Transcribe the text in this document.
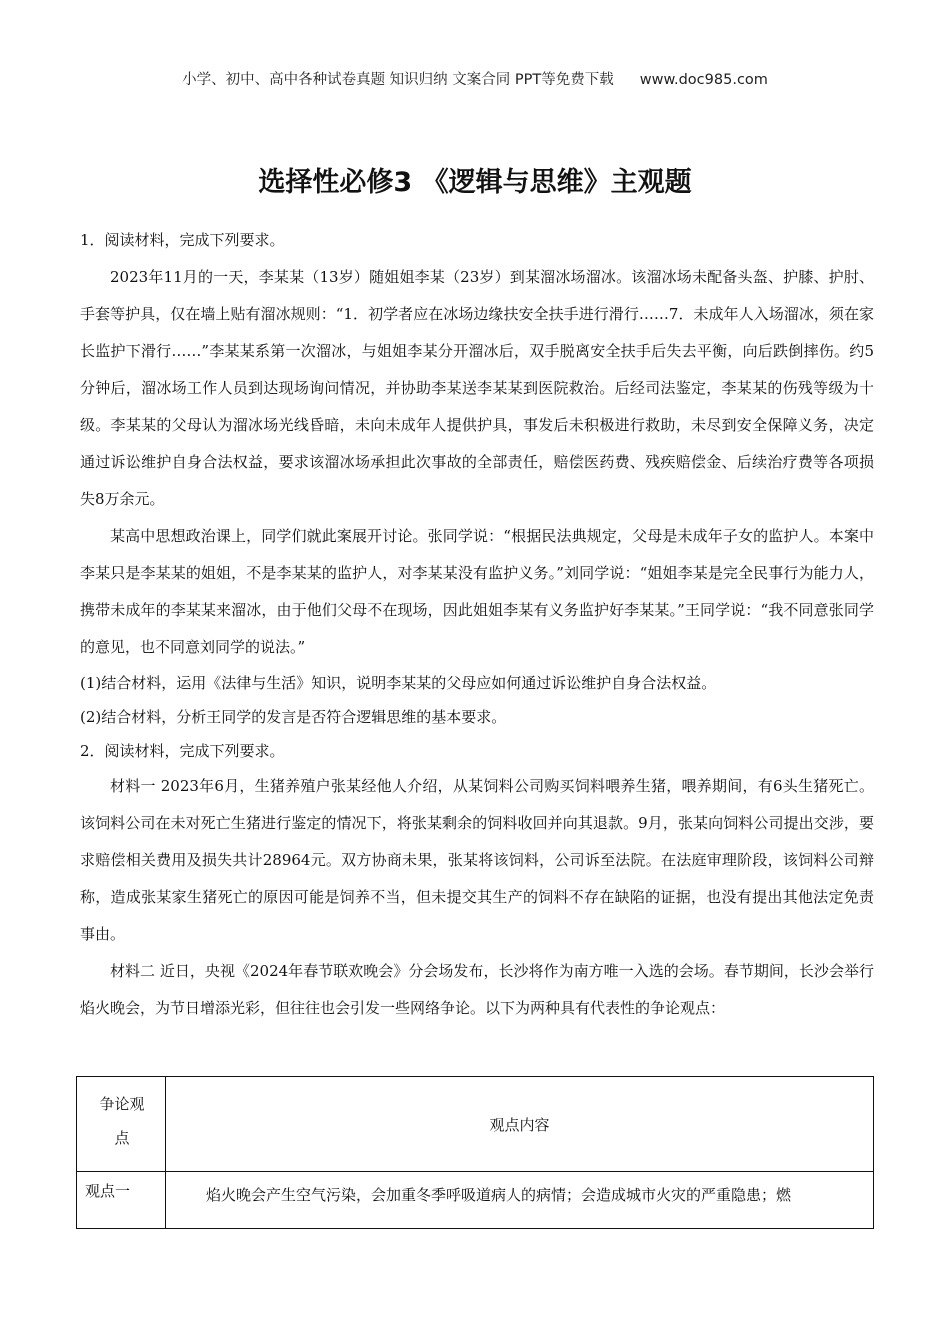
小学、初中、高中各种试卷真题 知识归纳 文案合同 PPT等免费下载 www.doc985.com
选择性必修3 《逻辑与思维》主观题

1．阅读材料，完成下列要求。

2023年11月的一天，李某某（13岁）随姐姐李某（23岁）到某溜冰场溜冰。该溜冰场未配备头盔、护膝、护肘、手套等护具，仅在墙上贴有溜冰规则：“1．初学者应在冰场边缘扶安全扶手进行滑行……7．未成年人入场溜冰，须在家长监护下滑行……”李某某系第一次溜冰，与姐姐李某分开溜冰后，双手脱离安全扶手后失去平衡，向后跌倒摔伤。约5分钟后，溜冰场工作人员到达现场询问情况，并协助李某送李某某到医院救治。后经司法鉴定，李某某的伤残等级为十级。李某某的父母认为溜冰场光线昏暗，未向未成年人提供护具，事发后未积极进行救助，未尽到安全保障义务，决定通过诉讼维护自身合法权益，要求该溜冰场承担此次事故的全部责任，赔偿医药费、残疾赔偿金、后续治疗费等各项损失8万余元。

某高中思想政治课上，同学们就此案展开讨论。张同学说：“根据民法典规定，父母是未成年子女的监护人。本案中李某只是李某某的姐姐，不是李某某的监护人，对李某某没有监护义务。”刘同学说：“姐姐李某是完全民事行为能力人，携带未成年的李某某来溜冰，由于他们父母不在现场，因此姐姐李某有义务监护好李某某。”王同学说：“我不同意张同学的意见，也不同意刘同学的说法。”

(1)结合材料，运用《法律与生活》知识，说明李某某的父母应如何通过诉讼维护自身合法权益。

(2)结合材料，分析王同学的发言是否符合逻辑思维的基本要求。

2．阅读材料，完成下列要求。

材料一 2023年6月，生猪养殖户张某经他人介绍，从某饲料公司购买饲料喂养生猪，喂养期间，有6头生猪死亡。该饲料公司在未对死亡生猪进行鉴定的情况下，将张某剩余的饲料收回并向其退款。9月，张某向饲料公司提出交涉，要求赔偿相关费用及损失共计28964元。双方协商未果，张某将该饲料，公司诉至法院。在法庭审理阶段，该饲料公司辩称，造成张某家生猪死亡的原因可能是饲养不当，但未提交其生产的饲料不存在缺陷的证据，也没有提出其他法定免责事由。

材料二 近日，央视《2024年春节联欢晚会》分会场发布，长沙将作为南方唯一入选的会场。春节期间，长沙会举行焰火晚会，为节日增添光彩，但往往也会引发一些网络争论。以下为两种具有代表性的争论观点：

争论观
点	观点内容
观点一	焰火晚会产生空气污染，会加重冬季呼吸道病人的病情；会造成城市火灾的严重隐患；燃
